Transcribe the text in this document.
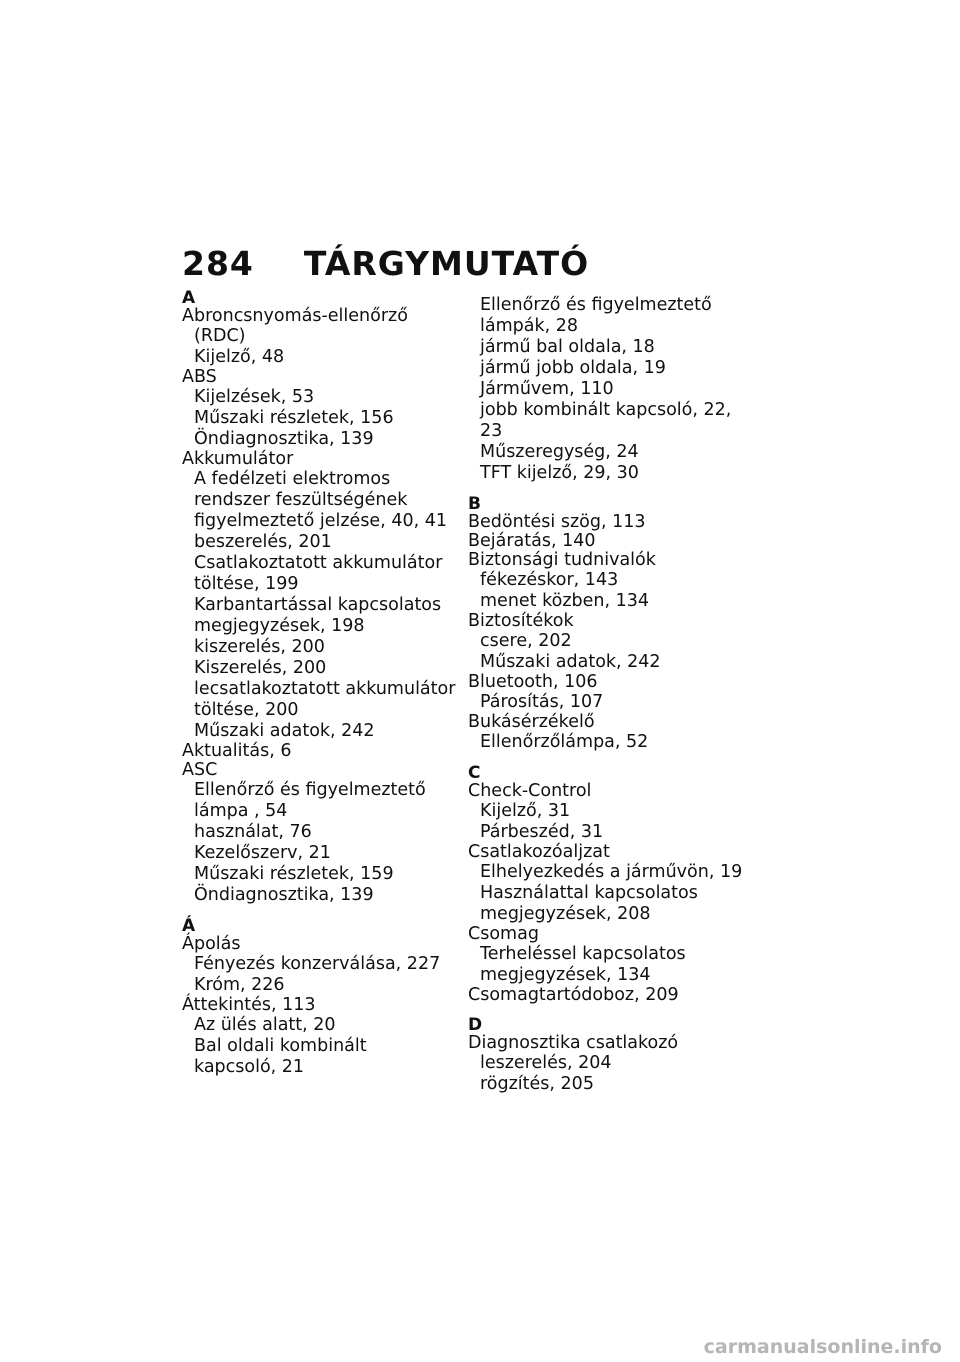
284 TÁRGYMUTATÓ
A
Abroncsnyomás-ellenőrző
(RDC)
Kijelző, 48
ABS
Kijelzések, 53
Műszaki részletek, 156
Öndiagnosztika, 139
Akkumulátor
A fedélzeti elektromos
rendszer feszültségének
figyelmeztető jelzése, 40, 41
beszerelés, 201
Csatlakoztatott akkumulátor
töltése, 199
Karbantartással kapcsolatos
megjegyzések, 198
kiszerelés, 200
Kiszerelés, 200
lecsatlakoztatott akkumulátor
töltése, 200
Műszaki adatok, 242
Aktualitás, 6
ASC
Ellenőrző és figyelmeztető
lámpa , 54
használat, 76
Kezelőszerv, 21
Műszaki részletek, 159
Öndiagnosztika, 139
Á
Ápolás
Fényezés konzerválása, 227
Króm, 226
Áttekintés, 113
Az ülés alatt, 20
Bal oldali kombinált
kapcsoló, 21
Ellenőrző és figyelmeztető
lámpák, 28
jármű bal oldala, 18
jármű jobb oldala, 19
Járművem, 110
jobb kombinált kapcsoló, 22,
23
Műszeregység, 24
TFT kijelző, 29, 30
B
Bedöntési szög, 113
Bejáratás, 140
Biztonsági tudnivalók
fékezéskor, 143
menet közben, 134
Biztosítékok
csere, 202
Műszaki adatok, 242
Bluetooth, 106
Párosítás, 107
Bukásérzékelő
Ellenőrzőlámpa, 52
C
Check-Control
Kijelző, 31
Párbeszéd, 31
Csatlakozóaljzat
Elhelyezkedés a járművön, 19
Használattal kapcsolatos
megjegyzések, 208
Csomag
Terheléssel kapcsolatos
megjegyzések, 134
Csomagtartódoboz, 209
D
Diagnosztika csatlakozó
leszerelés, 204
rögzítés, 205
carmanualsonline.info
